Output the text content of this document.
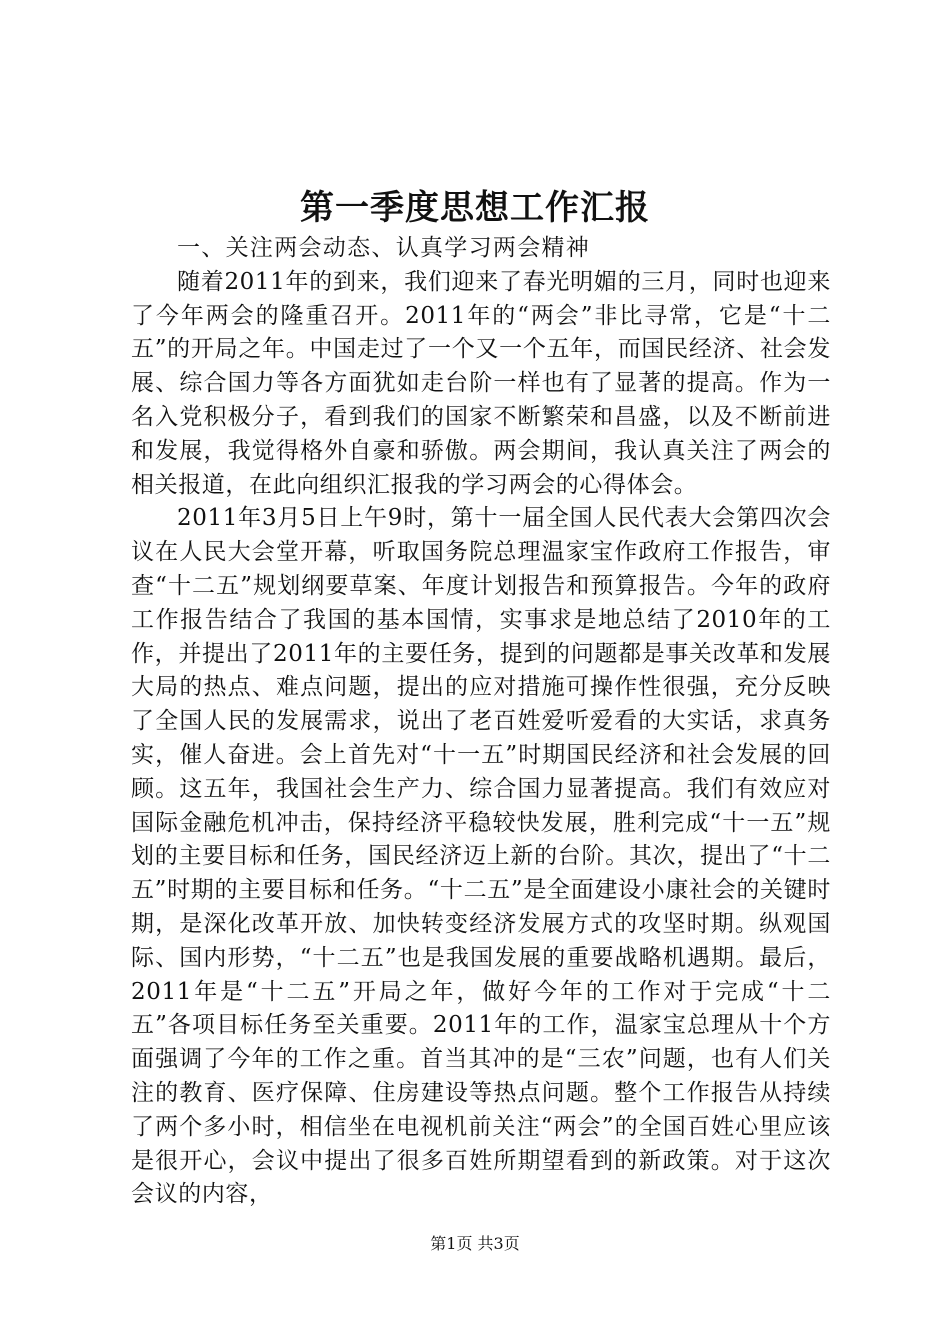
第一季度思想工作汇报

一、关注两会动态、认真学习两会精神

随着2011年的到来，我们迎来了春光明媚的三月，同时也迎来了今年两会的隆重召开。2011年的“两会”非比寻常，它是“十二五”的开局之年。中国走过了一个又一个五年，而国民经济、社会发展、综合国力等各方面犹如走台阶一样也有了显著的提高。作为一名入党积极分子，看到我们的国家不断繁荣和昌盛，以及不断前进和发展，我觉得格外自豪和骄傲。两会期间，我认真关注了两会的相关报道，在此向组织汇报我的学习两会的心得体会。

2011年3月5日上午9时，第十一届全国人民代表大会第四次会议在人民大会堂开幕，听取国务院总理温家宝作政府工作报告，审查“十二五”规划纲要草案、年度计划报告和预算报告。今年的政府工作报告结合了我国的基本国情，实事求是地总结了2010年的工作，并提出了2011年的主要任务，提到的问题都是事关改革和发展大局的热点、难点问题，提出的应对措施可操作性很强，充分反映了全国人民的发展需求，说出了老百姓爱听爱看的大实话，求真务实，催人奋进。会上首先对“十一五”时期国民经济和社会发展的回顾。这五年，我国社会生产力、综合国力显著提高。我们有效应对国际金融危机冲击，保持经济平稳较快发展，胜利完成“十一五”规划的主要目标和任务，国民经济迈上新的台阶。其次，提出了“十二五”时期的主要目标和任务。“十二五”是全面建设小康社会的关键时期，是深化改革开放、加快转变经济发展方式的攻坚时期。纵观国际、国内形势，“十二五”也是我国发展的重要战略机遇期。最后，2011年是“十二五”开局之年，做好今年的工作对于完成“十二五”各项目标任务至关重要。2011年的工作，温家宝总理从十个方面强调了今年的工作之重。首当其冲的是“三农”问题，也有人们关注的教育、医疗保障、住房建设等热点问题。整个工作报告从持续了两个多小时，相信坐在电视机前关注“两会”的全国百姓心里应该是很开心，会议中提出了很多百姓所期望看到的新政策。对于这次会议的内容，

第1页 共3页
